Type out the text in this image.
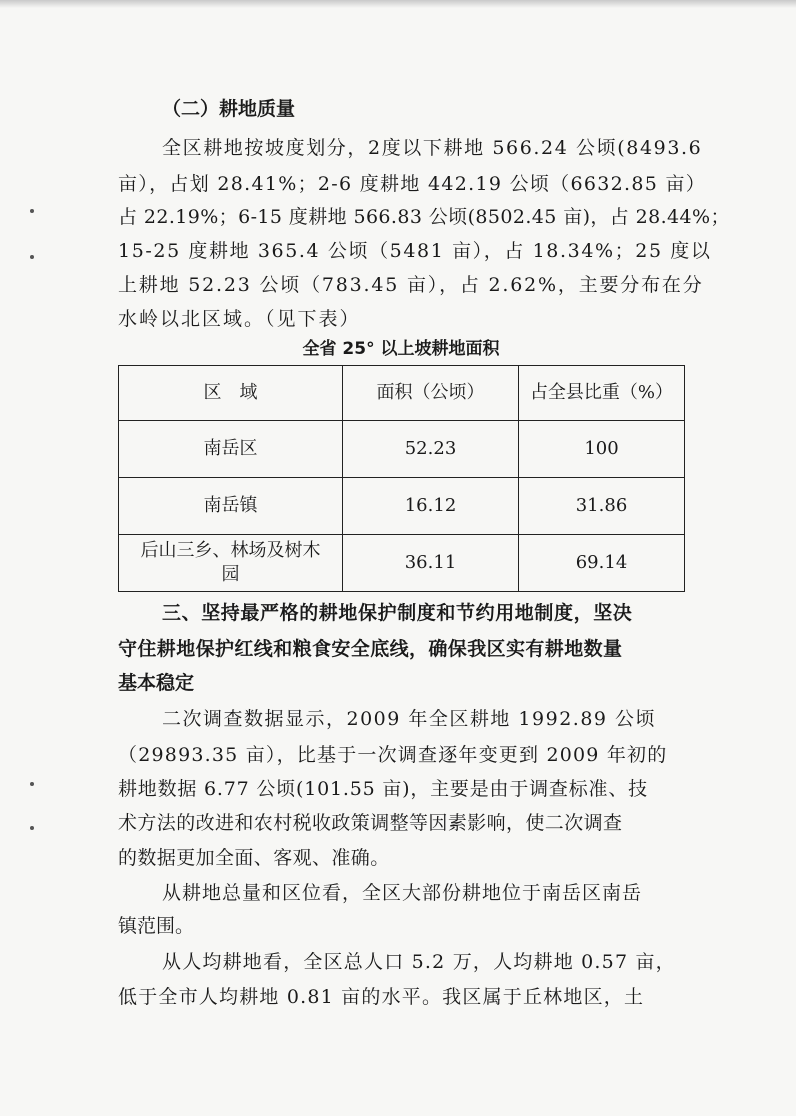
（二）耕地质量
全区耕地按坡度划分，2度以下耕地 566.24 公顷(8493.6
亩），占划 28.41%；2-6 度耕地 442.19 公顷（6632.85 亩）
占 22.19%；6-15 度耕地 566.83 公顷(8502.45 亩)，占 28.44%；
15-25 度耕地 365.4 公顷（5481 亩），占 18.34%；25 度以
上耕地 52.23 公顷（783.45 亩），占 2.62%，主要分布在分
水岭以北区域。（见下表）
全省 25° 以上坡耕地面积
区　域	面积（公顷）	占全县比重（%）
南岳区	52.23	100
南岳镇	16.12	31.86
后山三乡、林场及树木园	36.11	69.14
三、坚持最严格的耕地保护制度和节约用地制度，坚决
守住耕地保护红线和粮食安全底线，确保我区实有耕地数量
基本稳定
二次调查数据显示，2009 年全区耕地 1992.89 公顷
（29893.35 亩），比基于一次调查逐年变更到 2009 年初的
耕地数据 6.77 公顷(101.55 亩)，主要是由于调查标准、技
术方法的改进和农村税收政策调整等因素影响，使二次调查
的数据更加全面、客观、准确。
从耕地总量和区位看，全区大部份耕地位于南岳区南岳
镇范围。
从人均耕地看，全区总人口 5.2 万，人均耕地 0.57 亩，
低于全市人均耕地 0.81 亩的水平。我区属于丘林地区，土
